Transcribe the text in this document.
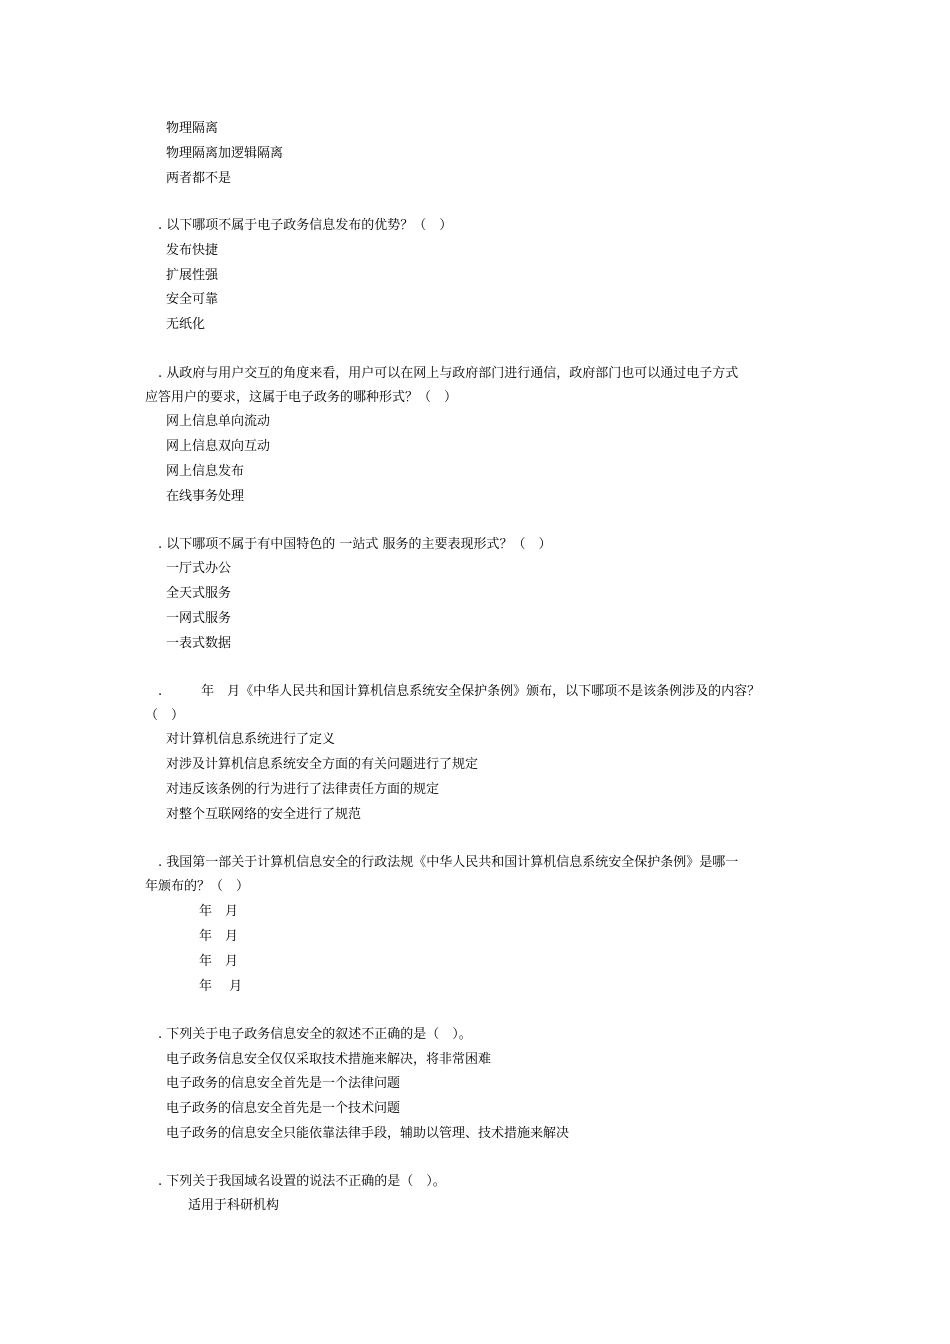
物理隔离
物理隔离加逻辑隔离
两者都不是
. 以下哪项不属于电子政务信息发布的优势？（　）
发布快捷
扩展性强
安全可靠
无纸化
. 从政府与用户交互的角度来看，用户可以在网上与政府部门进行通信，政府部门也可以通过电子方式
应答用户的要求，这属于电子政务的哪种形式？（　）
网上信息单向流动
网上信息双向互动
网上信息发布
在线事务处理
. 以下哪项不属于有中国特色的 一站式 服务的主要表现形式？（　）
一厅式办公
全天式服务
一网式服务
一表式数据
.　　　年　月《中华人民共和国计算机信息系统安全保护条例》颁布，以下哪项不是该条例涉及的内容？
（　）
对计算机信息系统进行了定义
对涉及计算机信息系统安全方面的有关问题进行了规定
对违反该条例的行为进行了法律责任方面的规定
对整个互联网络的安全进行了规范
. 我国第一部关于计算机信息安全的行政法规《中华人民共和国计算机信息系统安全保护条例》是哪一
年颁布的？（　）
年　月
年　月
年　月
年　 月
. 下列关于电子政务信息安全的叙述不正确的是（　）。
电子政务信息安全仅仅采取技术措施来解决，将非常困难
电子政务的信息安全首先是一个法律问题
电子政务的信息安全首先是一个技术问题
电子政务的信息安全只能依靠法律手段，辅助以管理、技术措施来解决
. 下列关于我国域名设置的说法不正确的是（　）。
适用于科研机构
